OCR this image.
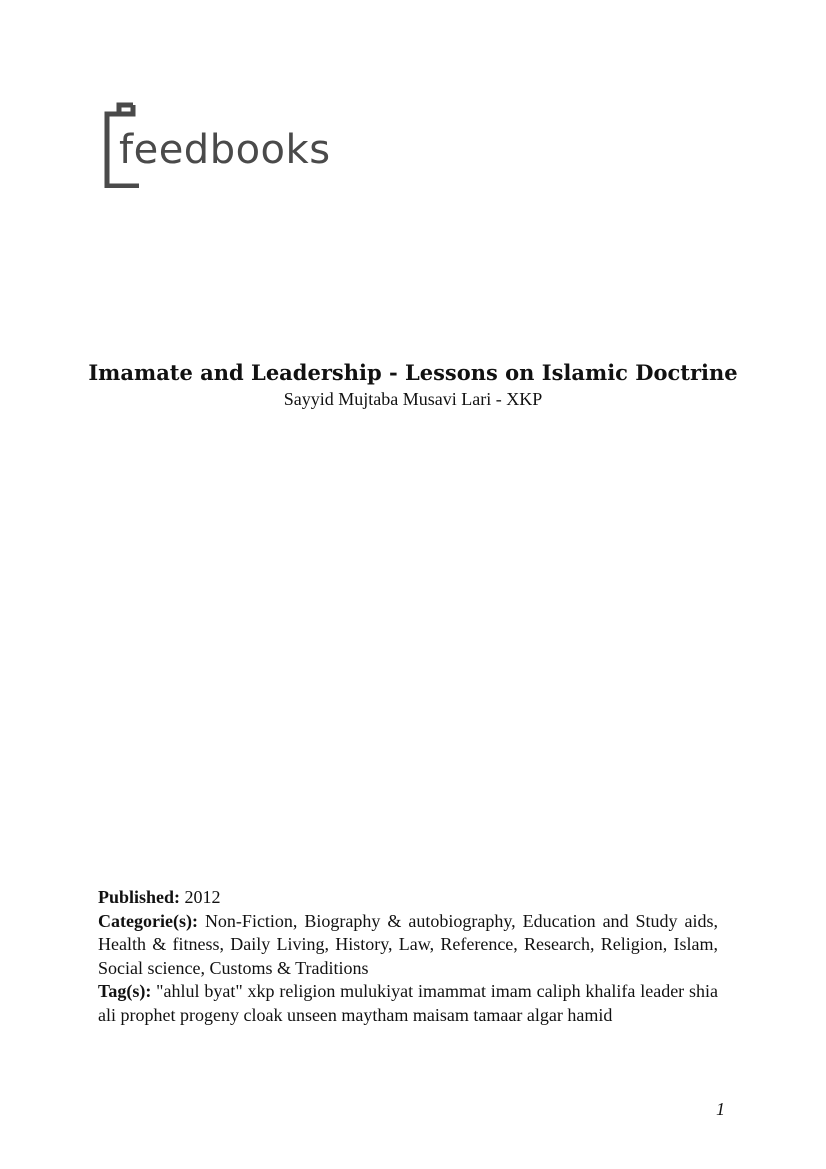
feedbooks
Imamate and Leadership - Lessons on Islamic Doctrine

Sayyid Mujtaba Musavi Lari - XKP

Published: 2012

Categorie(s): Non-Fiction, Biography & autobiography, Education and Study aids, Health & fitness, Daily Living, History, Law, Reference, Research, Religion, Islam, Social science, Customs & Traditions

Tag(s): "ahlul byat" xkp religion mulukiyat imammat imam caliph khalifa leader shia ali prophet progeny cloak unseen maytham maisam tamaar algar hamid

1
